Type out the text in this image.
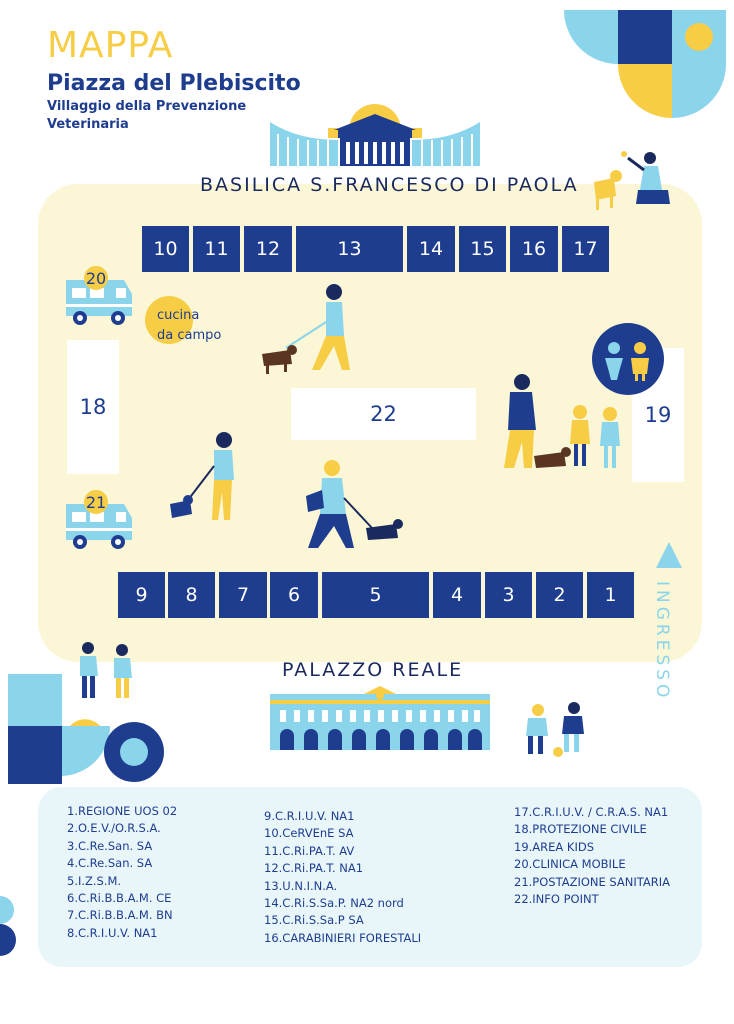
MAPPA
Piazza del Plebiscito
Villaggio della Prevenzione
Veterinaria
BASILICA S.FRANCESCO DI PAOLA
10	11	12	13	14	15	16	17
20
21
cucina
da campo
18	19
22
9	8	7	6	5	4	3	2	1	INGRESSO
PALAZZO REALE
1.REGIONE UOS 02
2.O.E.V./O.R.S.A.
3.C.Re.San. SA
4.C.Re.San. SA
5.I.Z.S.M.
6.C.Ri.B.B.A.M. CE
7.C.Ri.B.B.A.M. BN
8.C.R.I.U.V. NA1
9.C.R.I.U.V. NA1
10.CeRVEnE SA
11.C.Ri.PA.T. AV
12.C.Ri.PA.T. NA1
13.U.N.I.N.A.
14.C.Ri.S.Sa.P. NA2 nord
15.C.Ri.S.Sa.P SA
16.CARABINIERI FORESTALI
17.C.R.I.U.V. / C.R.A.S. NA1
18.PROTEZIONE CIVILE
19.AREA KIDS
20.CLINICA MOBILE
21.POSTAZIONE SANITARIA
22.INFO POINT
